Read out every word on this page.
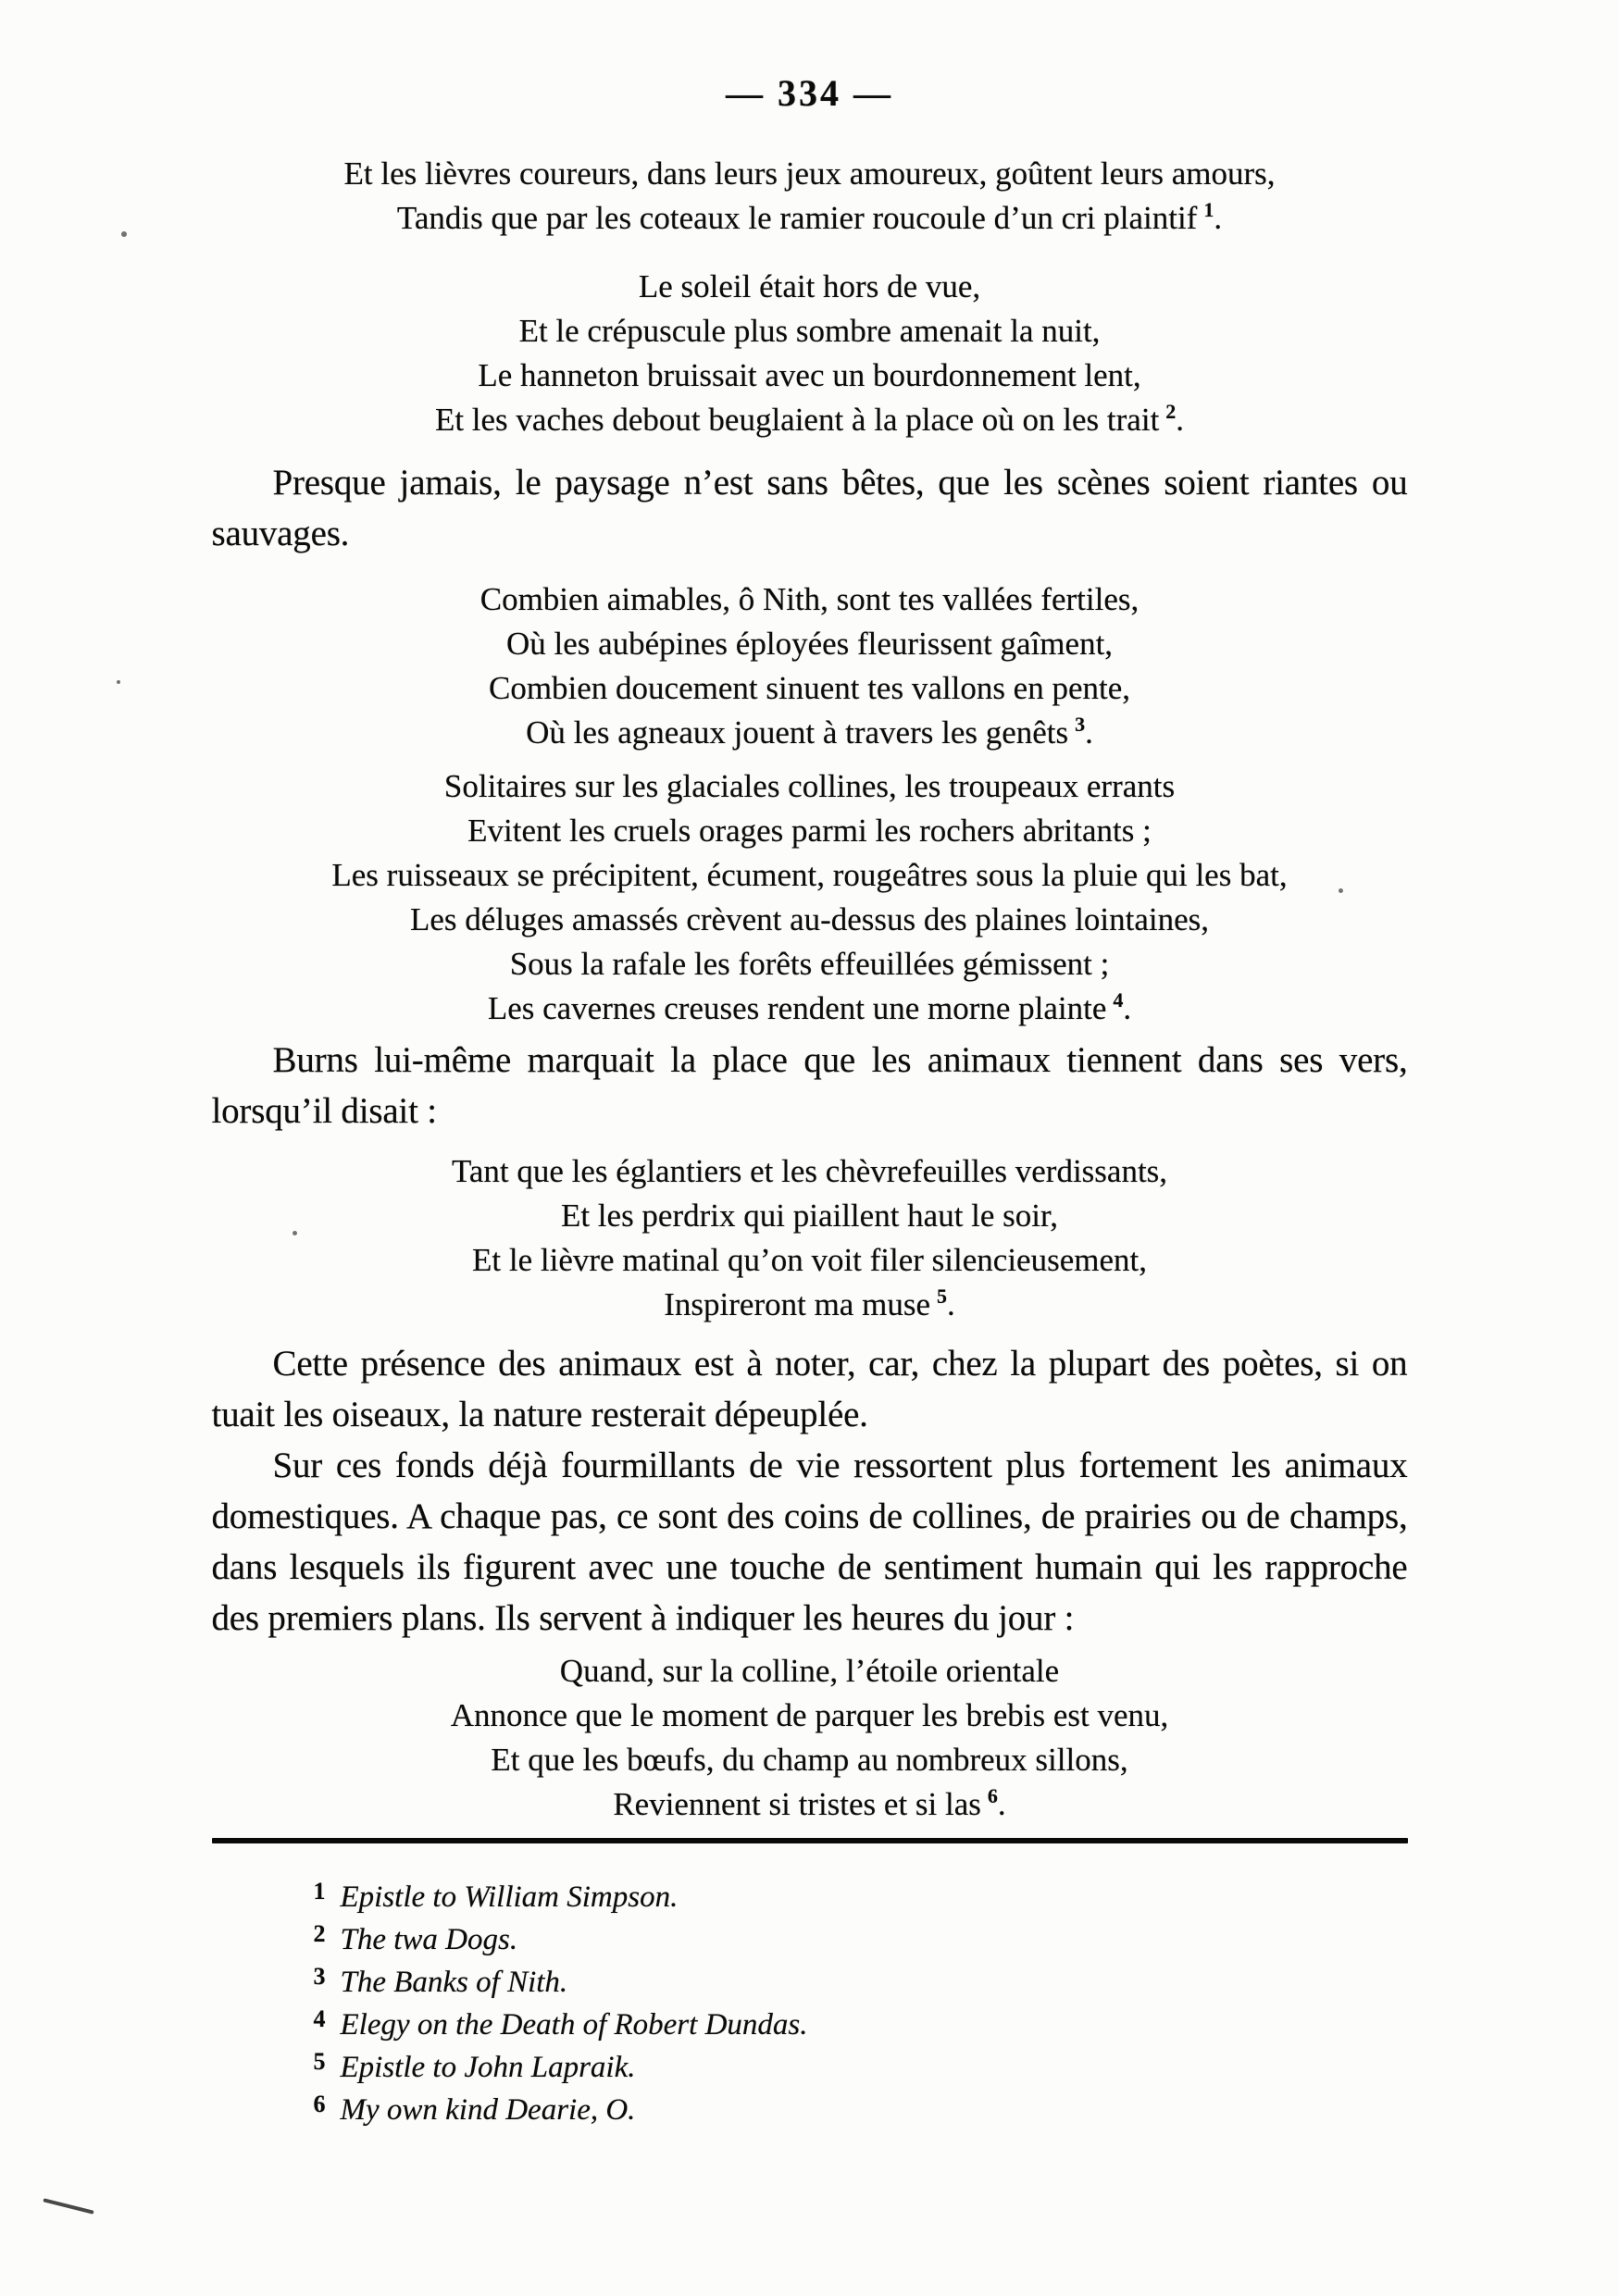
— 334 —
Et les lièvres coureurs, dans leurs jeux amoureux, goûtent leurs amours,
Tandis que par les coteaux le ramier roucoule d’un cri plaintif $^1$.
Le soleil était hors de vue,
Et le crépuscule plus sombre amenait la nuit,
Le hanneton bruissait avec un bourdonnement lent,
Et les vaches debout beuglaient à la place où on les trait $^2$.
Presque jamais, le paysage n’est sans bêtes, que les scènes soient riantes ou sauvages.
Combien aimables, ô Nith, sont tes vallées fertiles,
Où les aubépines éployées fleurissent gaîment,
Combien doucement sinuent tes vallons en pente,
Où les agneaux jouent à travers les genêts $^3$.
Solitaires sur les glaciales collines, les troupeaux errants
Evitent les cruels orages parmi les rochers abritants ;
Les ruisseaux se précipitent, écument, rougeâtres sous la pluie qui les bat,
Les déluges amassés crèvent au-dessus des plaines lointaines,
Sous la rafale les forêts effeuillées gémissent ;
Les cavernes creuses rendent une morne plainte $^4$.
Burns lui-même marquait la place que les animaux tiennent dans ses vers, lorsqu’il disait :
Tant que les églantiers et les chèvrefeuilles verdissants,
Et les perdrix qui piaillent haut le soir,
Et le lièvre matinal qu’on voit filer silencieusement,
Inspireront ma muse $^5$.
Cette présence des animaux est à noter, car, chez la plupart des poètes, si on tuait les oiseaux, la nature resterait dépeuplée.
Sur ces fonds déjà fourmillants de vie ressortent plus fortement les animaux domestiques. A chaque pas, ce sont des coins de collines, de prairies ou de champs, dans lesquels ils figurent avec une touche de sentiment humain qui les rapproche des premiers plans. Ils servent à indiquer les heures du jour :
Quand, sur la colline, l’étoile orientale
Annonce que le moment de parquer les brebis est venu,
Et que les bœufs, du champ au nombreux sillons,
Reviennent si tristes et si las $^6$.
$^1$ Epistle to William Simpson.
$^2$ The twa Dogs.
$^3$ The Banks of Nith.
$^4$ Elegy on the Death of Robert Dundas.
$^5$ Epistle to John Lapraik.
$^6$ My own kind Dearie, O.
